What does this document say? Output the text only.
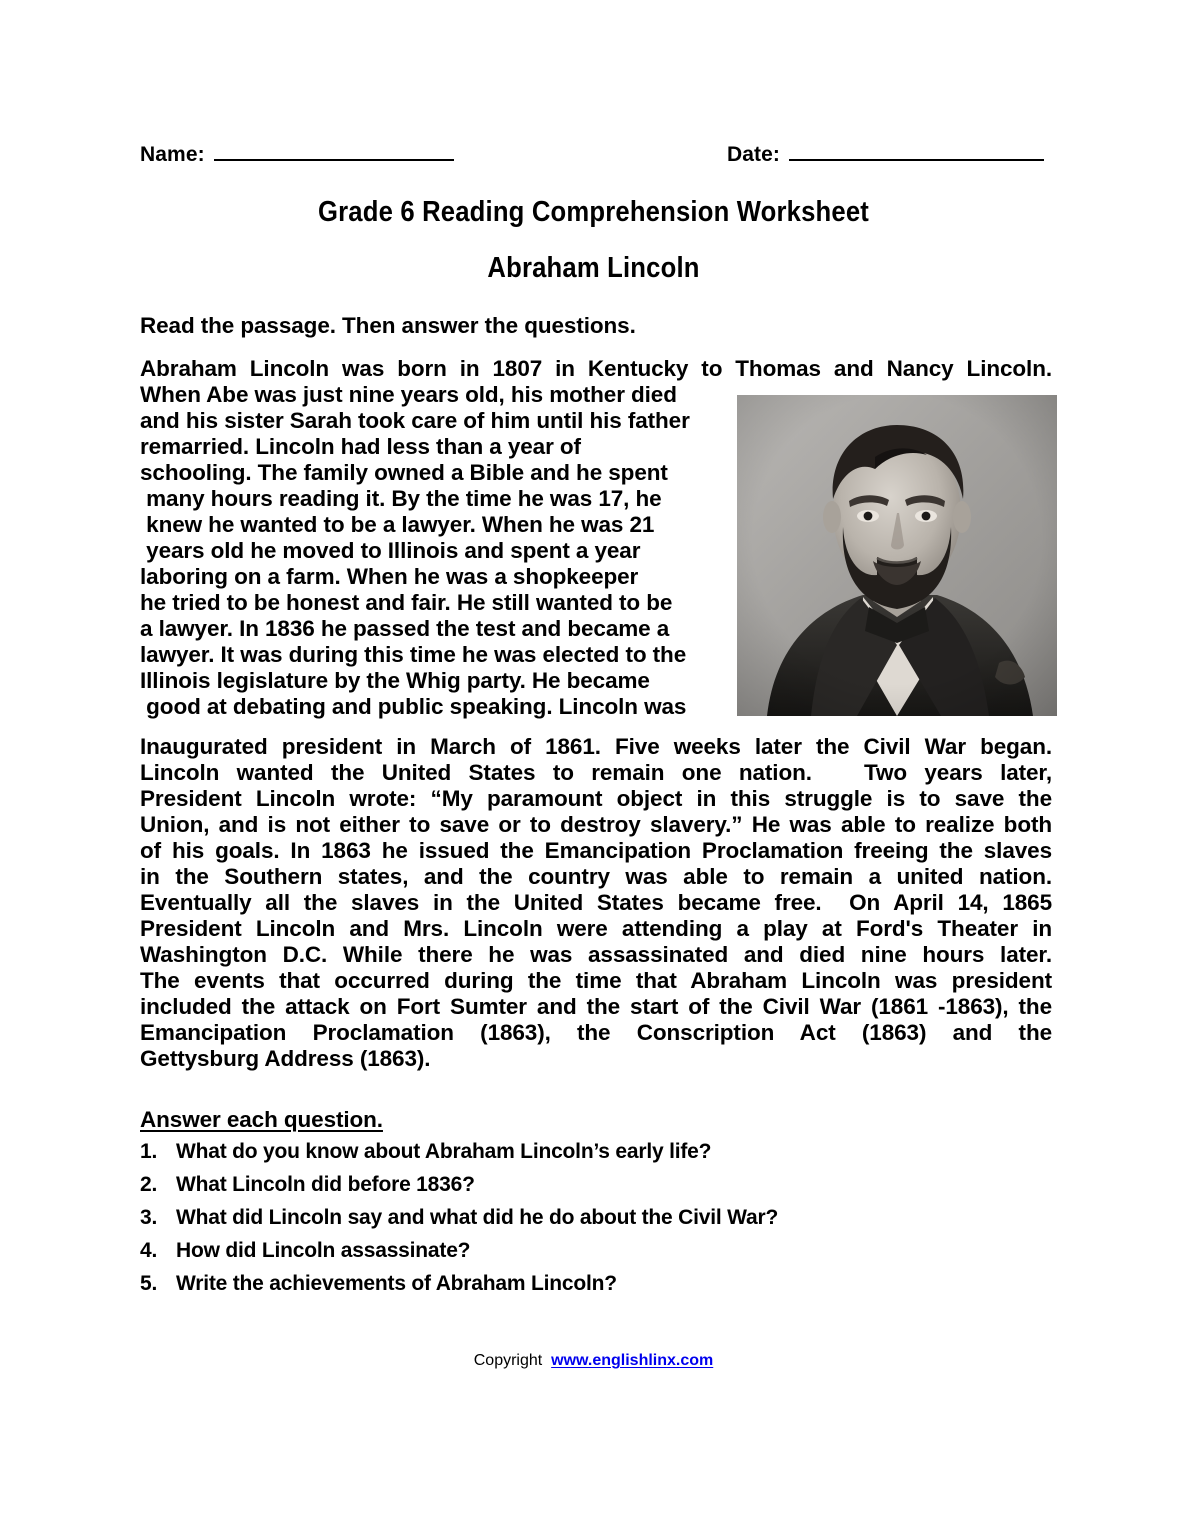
Name:	Date:
Grade 6 Reading Comprehension Worksheet
Abraham Lincoln
Read the passage. Then answer the questions.
Abraham Lincoln was born in 1807 in Kentucky to Thomas and Nancy Lincoln.
When Abe was just nine years old, his mother died
and his sister Sarah took care of him until his father
remarried. Lincoln had less than a year of
schooling. The family owned a Bible and he spent
many hours reading it. By the time he was 17, he
knew he wanted to be a lawyer. When he was 21
years old he moved to Illinois and spent a year
laboring on a farm. When he was a shopkeeper
he tried to be honest and fair. He still wanted to be
a lawyer. In 1836 he passed the test and became a
lawyer. It was during this time he was elected to the
Illinois legislature by the Whig party. He became
good at debating and public speaking. Lincoln was
Inaugurated president in March of 1861. Five weeks later the Civil War began.
Lincoln wanted the United States to remain one nation.   Two years later,
President Lincoln wrote: “My paramount object in this struggle is to save the
Union, and is not either to save or to destroy slavery.” He was able to realize both
of his goals. In 1863 he issued the Emancipation Proclamation freeing the slaves
in the Southern states, and the country was able to remain a united nation.
Eventually all the slaves in the United States became free.  On April 14, 1865
President Lincoln and Mrs. Lincoln were attending a play at Ford's Theater in
Washington D.C. While there he was assassinated and died nine hours later.
The events that occurred during the time that Abraham Lincoln was president
included the attack on Fort Sumter and the start of the Civil War (1861 -1863), the
Emancipation Proclamation (1863), the Conscription Act (1863) and the
Gettysburg Address (1863).
Answer each question.
1. What do you know about Abraham Lincoln’s early life?
2. What Lincoln did before 1836?
3. What did Lincoln say and what did he do about the Civil War?
4. How did Lincoln assassinate?
5. Write the achievements of Abraham Lincoln?
Copyright www.englishlinx.com
